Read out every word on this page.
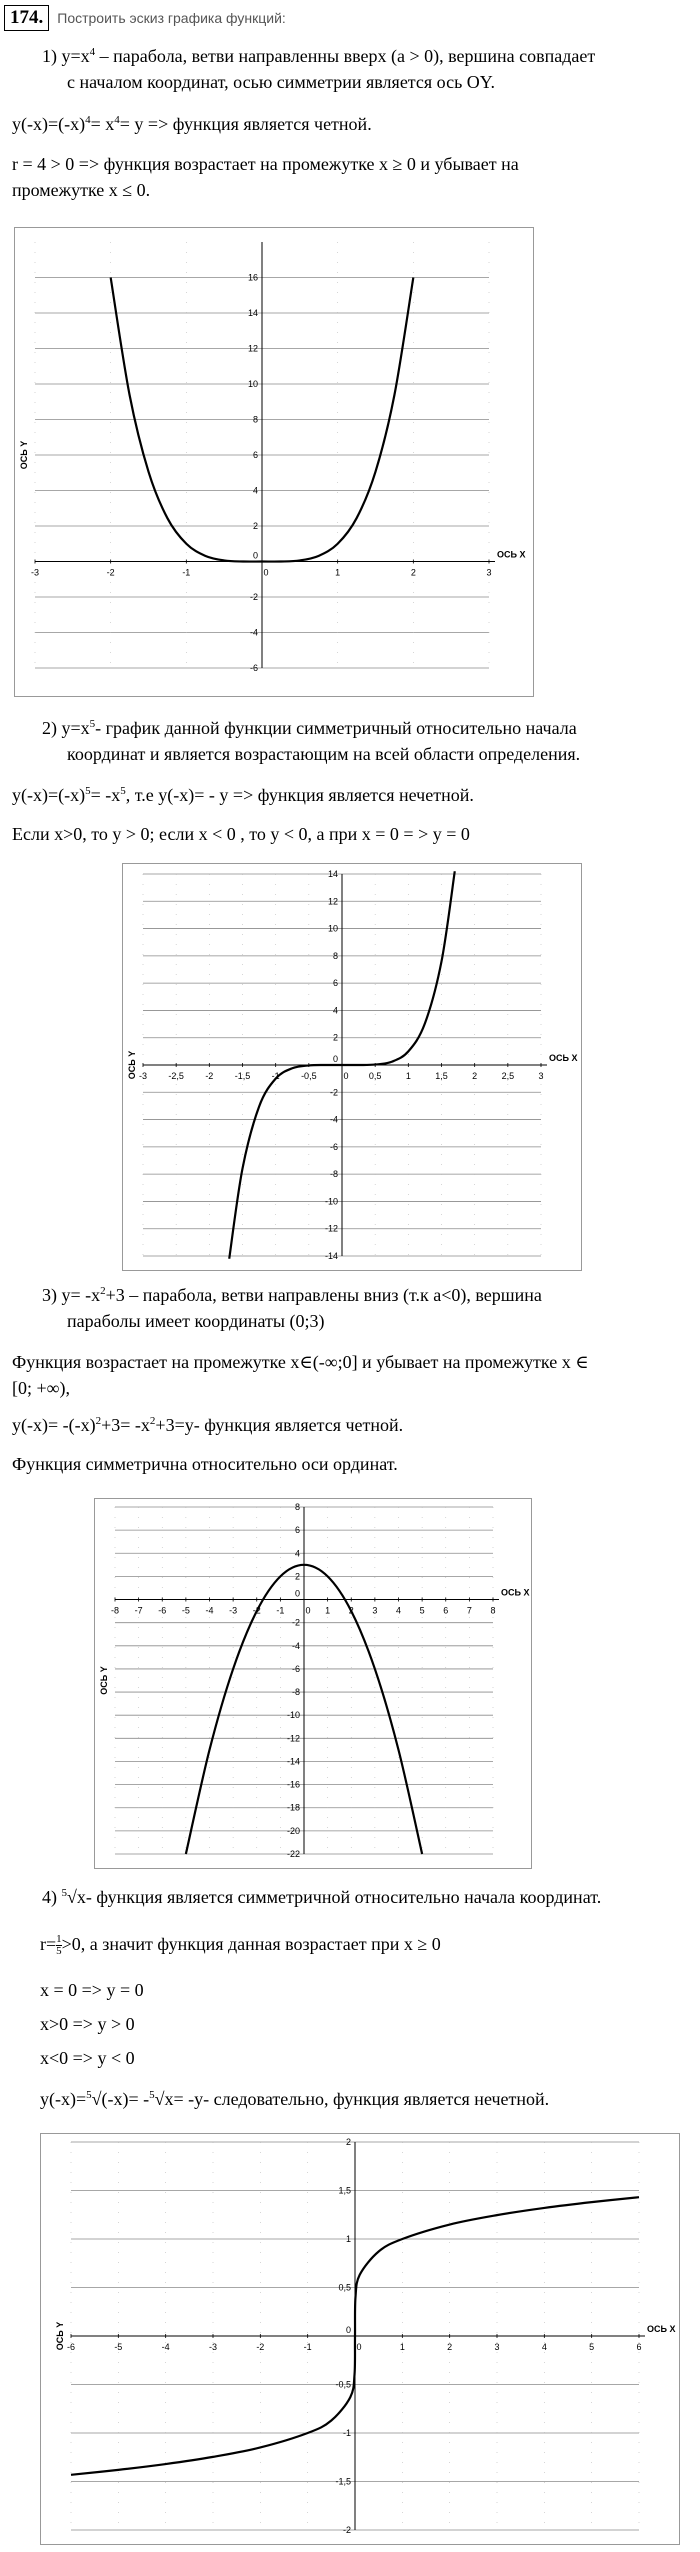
174.	Построить эскиз графика функций:
1) $y=x^4$ – парабола, ветви направленны вверх (a > 0), вершина совпадает
с началом координат, осью симметрии является ось OY.
$y(-x)=(-x)^4= x^4= y$ => функция является четной.
r = 4 > 0 => функция возрастает на промежутке x ≥ 0 и убывает на
промежутке x ≤ 0.
-3	-2	-1	0	1	2	3
-6
-4
-2
0
2
4
6
8
10
12
14
16
ОСЬ X
ОСЬ Y
2) $y=x^5-$ график данной функции симметричный относительно начала
координат и является возрастающим на всей области определения.
$y(-x)=(-x)^5= -x^5$, т.е y(-x)= - y => функция является нечетной.
Если x>0, то y > 0; если x < 0 , то y < 0, а при x = 0 = > y = 0
-3 -2,5 -2 -1,5 -1 -0,5	0 0,5	1	1,5	2	2,5	3
-14
-12
-10
-8
-6
-4
-2
0
2
4
6
8
10
12
14
ОСЬ X
ОСЬ Y
3) $y= -x^2+3$ – парабола, ветви направлены вниз (т.к a<0), вершина
параболы имеет координаты (0;3)
Функция возрастает на промежутке x∈(-∞;0] и убывает на промежутке x ∈
[0; +∞),
$y(-x)= -(-x)^2+3= -x^2+3=y-$ функция является четной.
Функция симметрична относительно оси ординат.
-8 -7 -6 -5 -4 -3 -2 -1 0 1 2 3 4 5 6 7 8
-22
-20
-18
-16
-14
-12
-10
-8
-6
-4
-2
0
2
4
6
8
ОСЬ X
ОСЬ Y
4) $^5$√x- функция является симметричной относительно начала координат.
$r= \frac{1}{5} >0$, а значит функция данная возрастает при x ≥ 0
x = 0 => y = 0
x>0 => y > 0
x<0 => y < 0
y(-x)=$^5$√(-x)= -$^5$√x= -y- следовательно, функция является нечетной.
-6	-5	-4	-3	-2	-1	0	1	2	3	4	5	6
-2
-1,5
-1
-0,5
0
0,5
1
1,5
2
ОСЬ X
ОСЬ Y
